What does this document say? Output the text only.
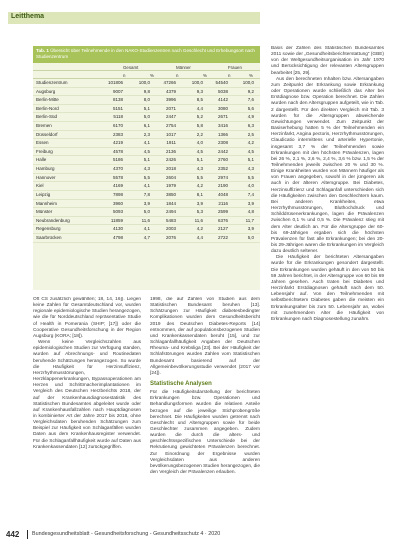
Leitthema
Tab. 1 Übersicht über Teilnehmende in den NAKO-Studienzentren nach Geschlecht und Erhebungsort nach Studienzentrum
Gesamt	Männer	Frauen
n	%	n	%	n	%
Studienzentrum	101806	100,0	47266	100,0	54540	100,0
Augsburg	9007	9,8	4379	9,3	5038	9,2
Berlin-Mitte	8138	8,0	3996	8,5	4142	7,6
Berlin-Nord	5151	5,1	2071	4,4	3080	5,6
Berlin-Süd	5118	5,0	2447	5,2	2671	4,9
Bremen	6170	6,1	2754	5,8	3416	6,3
Düsseldorf	2383	2,3	1017	2,2	1366	2,5
Essen	4219	4,1	1911	4,0	2308	4,2
Freiburg	4578	4,5	2136	4,5	2442	4,5
Halle	5186	5,1	2426	5,1	2760	5,1
Hamburg	4370	4,3	2018	4,3	2352	4,3
Hannover	5578	5,5	2604	5,5	2974	5,5
Kiel	4169	4,1	1979	4,2	2190	4,0
Leipzig	7898	7,8	3850	8,1	4048	7,4
Mannheim	3960	3,9	1844	3,9	2116	3,9
Münster	5093	5,0	2494	5,3	2599	4,8
Neubrandenburg	11859	11,6	5483	11,6	6376	11,7
Regensburg	4130	4,1	2003	4,2	2127	3,9
Saarbrücken	4798	4,7	2076	4,4	2722	5,0

Oft CS zusätzlich gewählten; 18, 14, 16]). Liegen keine Zahlen für Gesamtdeutschland vor, wurden regionale epidemiologische Studien herangezogen, wie die für Norddeutschland repräsentative Studie of Health in Pomerania (SHIP; [17]) oder die Cooperative Gesundheitsforschung in der Region Augsburg (KORA; [18]).

Wenn keine Vergleichszahlen aus epidemiologischen Studien zur Verfügung standen, wurden auf Abrechnungs- und Routinedaten beruhende Schätzungen herangezogen. So wurde die Häufigkeit für Herzinsuffizienz, Herzrhythmusstörungen, Herzklappenerkrankungen, Bypassoperationen am Herzen und Schrittmacherimplantationen im Vergleich des Deutschen Herzberichts 2018, der auf der Krankenhausdiagnosestatistik des Statistischen Bundesamtes abgeleitet wurde oder auf Krankenhausfallzahlen nach Hauptdiagnosen in kombinierter Art der Jahre 2017 bis 2018, ohne Vergleichsdaten beruhenden Schätzungen zum Beispiel zur Häufigkeit von Schlaganfällen wurden Daten aus dem Krankenhausregister verwendet. Für die Schlaganfallhäufigkeit wurde auf Daten aus Krankenkassendaten [12] zurückgegriffen.

1998, die auf Zahlen von Studien aus dem Statistischen Bundesamt beruhen [13]. Schätzungen zur Häufigkeit diabetesbedingter Komplikationen wurden dem Gesundheitsbericht 2019 des Deutschen Diabetes-Reports [14] entnommen, der auf populationsbezogenen Studien und Krankenkassendaten beruht [15], und zur Schlaganfallhäufigkeit Angaben der Deutschen Rheuma- und Krebsliga [23]. Bei der Häufigkeit der Schlafstörungen wurden Zahlen vom Statistischen Bundesamt basierend auf der Allgemeinbevölkerungsstudie verwendet (2017 vor [24]).

Statistische Analysen

Für die Häufigkeitsdarstellung der berichteten Erkrankungen bzw. Operationen und Behandlungsformen wurden die relativen Anteile bezogen auf die jeweilige Stichprobengröße berechnet. Die Häufigkeiten wurden getrennt nach Geschlecht und Altersgruppen sowie für beide Geschlechter zusammen angegeben. Zudem wurden die durch die alters- und geschlechtsspezifischen Unterschiede bei der Rekrutierung gewichteten Prävalenzen berechnet. Zur Einordnung der Ergebnisse wurden Vergleichsdaten aus anderen bevölkerungsbezogenen Studien herangezogen, die den Vergleich der Prävalenzen erlauben.

Basis der Zahlen des Statistischen Bundesamtes 2011 sowie der „Gesundheitsberichterstattung“ (GBE) von der Weltgesundheitsorganisation im Jahr 1970 und Berücksichtigung der relevanten Altersgruppen bearbeitet [25, 29].

Aus den berechneten Inhalten bzw. Altersangaben zum Zeitpunkt der Erkrankung sowie Erkrankung oder Operationen wurde schließlich das Alter bei Erstdiagnose bzw. Operation berechnet. Die Zahlen wurden nach den Altersgruppen aufgeteilt, wie in Tab. 2 dargestellt. Für den direkten Vergleich mit Tab. 3 wurden für die Altersgruppen abweichende Gewichtungen verwendet. Zum Zeitpunkt der Basiserhebung hatten 5 % der Teilnehmenden ein Herzinfarkt, Angina pectoris, Herzrhythmusstörungen, Claudicatio intermittens und arterielle Hypertonie, insgesamt 3,7 % der Teilnehmenden sowie Erkrankungen mit den höchsten Prävalenzen, lagen bei 26 %, 2,1 %, 2,6 %, 2,4 %, 3,6 % bzw. 1,5 % der Teilnehmenden jeweils zwischen 20 % und 30 %. Einige Krankheiten wurden von Männern häufiger als von Frauen angegeben, sowohl in der jüngeren als auch in der älteren Altersgruppe. Bei Diabetes, Herzinsuffizienz und Schlaganfall unterschieden sich die Häufigkeiten zwischen den Geschlechtern kaum. Bei anderen Krankheiten, etwa Herzrhythmusstörungen, Bluthochdruck und Schilddrüsenerkrankungen, lagen die Prävalenzen zwischen 0,1 % und 0,5 %. Die Prävalenz stieg mit dem Alter deutlich an. Für die Altersgruppe der 60- bis 69-Jährigen ergaben sich die höchsten Prävalenzen für fast alle Erkrankungen; bei den 20- bis 29-Jährigen waren die Erkrankungen im Vergleich dazu deutlich seltener.

Die Häufigkeit der berichteten Altersangaben wurde für die Erkrankungen gesondert dargestellt. Die Erkrankungen wurden gehäuft in den von 50 bis 59 Jahren berichtet, in der Altersgruppe von 60 bis 69 Jahren gesehen. Auch traten bei Diabetes und Herzinfarkt Erstdiagnosen gehäuft nach dem 50. Lebensjahr auf. Von den Teilnehmenden mit selbstberichtetem Diabetes gaben die meisten ein Erkrankungsalter bis zum 50. Lebensjahr an, wobei mit zunehmendem Alter die Häufigkeit von Erkrankungen nach Diagnosestellung zunahm.

442 Bundesgesundheitsblatt - Gesundheitsforschung - Gesundheitsschutz 4 · 2020
